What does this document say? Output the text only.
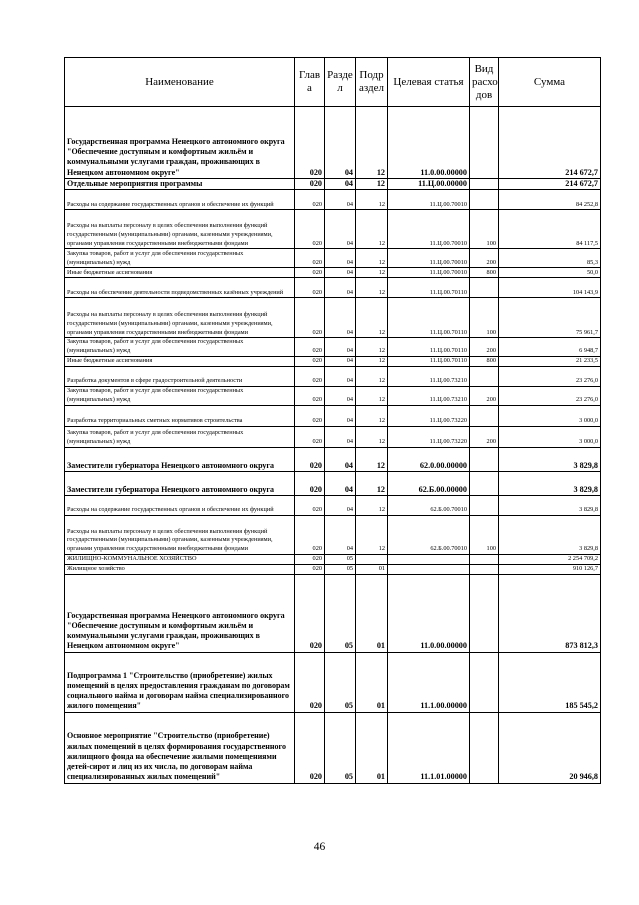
Наименование	Глав а	Разде л	Подр аздел	Целевая статья	Вид расхо дов	Сумма
Государственная программа Ненецкого автономного округа "Обеспечение доступным и комфортным жильём и коммунальными услугами граждан, проживающих в Ненецком автономном округе"	020	04	12	11.0.00.00000		214 672,7
Отдельные мероприятия программы	020	04	12	11.Ц.00.00000		214 672,7
Расходы на содержание государственных органов и обеспечение их функций	020	04	12	11.Ц.00.70010		84 252,8
Расходы на выплаты персоналу в целях обеспечения выполнения функций государственными (муниципальными) органами, казенными учреждениями, органами управления государственными внебюджетными фондами	020	04	12	11.Ц.00.70010	100	84 117,5
Закупка товаров, работ и услуг для обеспечения государственных (муниципальных) нужд	020	04	12	11.Ц.00.70010	200	85,3
Иные бюджетные ассигнования	020	04	12	11.Ц.00.70010	800	50,0
Расходы на обеспечение деятельности подведомственных казённых учреждений	020	04	12	11.Ц.00.70110		104 143,9
Расходы на выплаты персоналу в целях обеспечения выполнения функций государственными (муниципальными) органами, казенными учреждениями, органами управления государственными внебюджетными фондами	020	04	12	11.Ц.00.70110	100	75 961,7
Закупка товаров, работ и услуг для обеспечения государственных (муниципальных) нужд	020	04	12	11.Ц.00.70110	200	6 948,7
Иные бюджетные ассигнования	020	04	12	11.Ц.00.70110	800	21 233,5
Разработка документов в сфере градостроительной деятельности	020	04	12	11.Ц.00.73210		23 276,0
Закупка товаров, работ и услуг для обеспечения государственных (муниципальных) нужд	020	04	12	11.Ц.00.73210	200	23 276,0
Разработка территориальных сметных нормативов строительства	020	04	12	11.Ц.00.73220		3 000,0
Закупка товаров, работ и услуг для обеспечения государственных (муниципальных) нужд	020	04	12	11.Ц.00.73220	200	3 000,0
Заместители губернатора Ненецкого автономного округа	020	04	12	62.0.00.00000		3 829,8
Заместители губернатора Ненецкого автономного округа	020	04	12	62.Б.00.00000		3 829,8
Расходы на содержание государственных органов и обеспечение их функций	020	04	12	62.Б.00.70010		3 829,8
Расходы на выплаты персоналу в целях обеспечения выполнения функций государственными (муниципальными) органами, казенными учреждениями, органами управления государственными внебюджетными фондами	020	04	12	62.Б.00.70010	100	3 829,8
ЖИЛИЩНО-КОММУНАЛЬНОЕ ХОЗЯЙСТВО	020	05				2 254 709,2
Жилищное хозяйство	020	05	01			910 126,7
Государственная программа Ненецкого автономного округа "Обеспечение доступным и комфортным жильём и коммунальными услугами граждан, проживающих в Ненецком автономном округе"	020	05	01	11.0.00.00000		873 812,3
Подпрограмма 1 "Строительство (приобретение) жилых помещений в целях предоставления гражданам по договорам социального найма и договорам найма специализированного жилого помещения"	020	05	01	11.1.00.00000		185 545,2
Основное мероприятие "Строительство (приобретение) жилых помещений в целях формирования государственного жилищного фонда на обеспечение жилыми помещениями детей-сирот и лиц из их числа, по договорам найма специализированных жилых помещений"	020	05	01	11.1.01.00000		20 946,8
46
